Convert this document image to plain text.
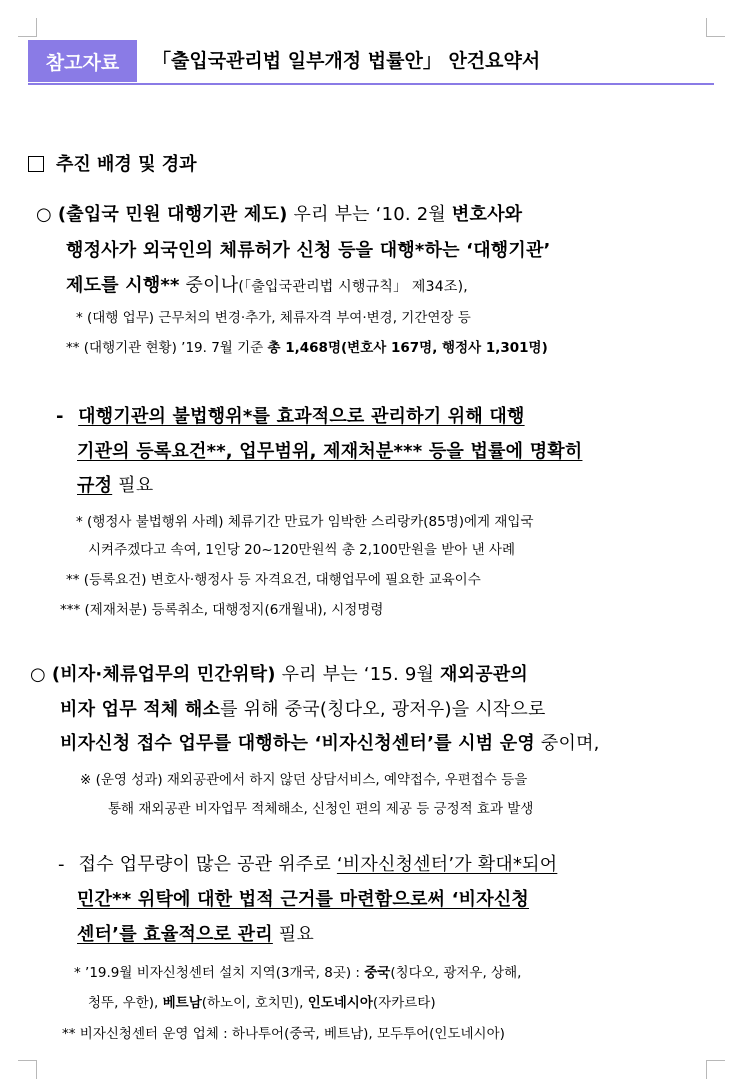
참고자료	「출입국관리법 일부개정 법률안」 안건요약서
추진 배경 및 경과
○ (출입국 민원 대행기관 제도) 우리 부는 ‘10. 2월 변호사와
행정사가 외국인의 체류허가 신청 등을 대행*하는 ‘대행기관’
제도를 시행** 중이나(「출입국관리법 시행규칙」 제34조),
* (대행 업무) 근무처의 변경·추가, 체류자격 부여·변경, 기간연장 등
** (대행기관 현황) ’19. 7월 기준 총 1,468명(변호사 167명, 행정사 1,301명)
- 대행기관의 불법행위*를 효과적으로 관리하기 위해 대행
기관의 등록요건**, 업무범위, 제재처분*** 등을 법률에 명확히
규정 필요
* (행정사 불법행위 사례) 체류기간 만료가 임박한 스리랑카(85명)에게 재입국
시켜주겠다고 속여, 1인당 20~120만원씩 총 2,100만원을 받아 낸 사례
** (등록요건) 변호사·행정사 등 자격요건, 대행업무에 필요한 교육이수
*** (제재처분) 등록취소, 대행정지(6개월내), 시정명령
○ (비자·체류업무의 민간위탁) 우리 부는 ‘15. 9월 재외공관의
비자 업무 적체 해소를 위해 중국(칭다오, 광저우)을 시작으로
비자신청 접수 업무를 대행하는 ‘비자신청센터’를 시범 운영 중이며,
※ (운영 성과) 재외공관에서 하지 않던 상담서비스, 예약접수, 우편접수 등을
통해 재외공관 비자업무 적체해소, 신청인 편의 제공 등 긍정적 효과 발생
- 접수 업무량이 많은 공관 위주로 ‘비자신청센터’가 확대*되어
민간** 위탁에 대한 법적 근거를 마련함으로써 ‘비자신청
센터’를 효율적으로 관리 필요
* ’19.9월 비자신청센터 설치 지역(3개국, 8곳) : 중국(칭다오, 광저우, 상해,
청뚜, 우한), 베트남(하노이, 호치민), 인도네시아(자카르타)
** 비자신청센터 운영 업체 : 하나투어(중국, 베트남), 모두투어(인도네시아)
